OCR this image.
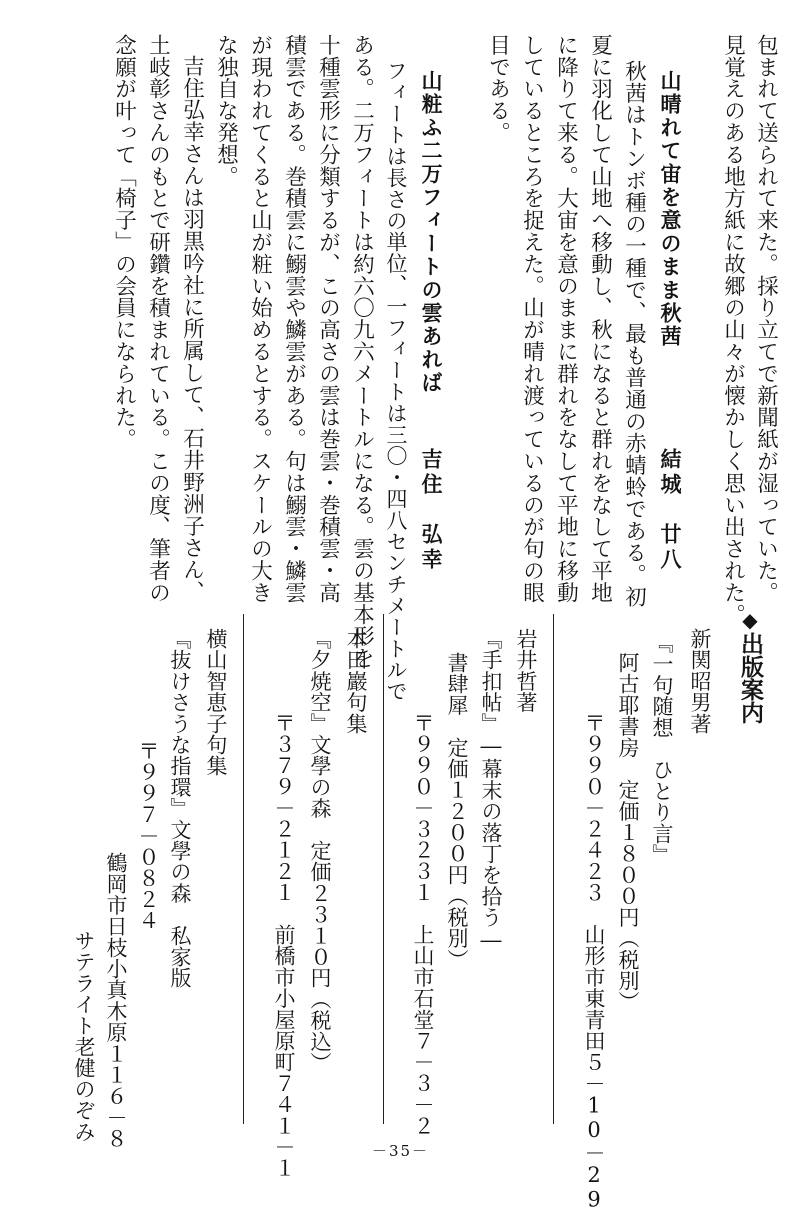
包まれて送られて来た。採り立てで新聞紙が湿っていた。
見覚えのある地方紙に故郷の山々が懐かしく思い出された。
山晴れて宙を意のまま秋茜
結城　廿八
秋茜はトンボ種の一種で、最も普通の赤蜻蛉である。初
夏に羽化して山地へ移動し、秋になると群れをなして平地
に降りて来る。大宙を意のままに群れをなして平地に移動
しているところを捉えた。山が晴れ渡っているのが句の眼
目である。
山粧ふ二万フィートの雲あれば
吉住　弘幸
フィートは長さの単位、一フィートは三〇・四八センチメートルで
ある。二万フィートは約六〇九六メートルになる。雲の基本形を
十種雲形に分類するが、この高さの雲は巻雲・巻積雲・高
積雲である。巻積雲に鰯雲や鱗雲がある。句は鰯雲・鱗雲
が現われてくると山が粧い始めるとする。スケールの大き
な独自な発想。
吉住弘幸さんは羽黒吟社に所属して、石井野洲子さん、
土岐彰さんのもとで研鑽を積まれている。この度、筆者の
念願が叶って「椅子」の会員になられた。
◆出版案内
新関昭男著
『一句随想　ひとり言』
阿古耶書房　定価１８００円（税別）
〒９９０－２４２３　山形市東青田５－10－29
岩井哲著
『手扣帖』―幕末の落丁を拾う―
書肆犀　定価１２００円（税別）
〒９９０－３２３１　上山市石堂７－３－２
本田巖句集
『夕焼空』文學の森　定価２３１０円（税込）
〒３７９－２１２１　前橋市小屋原町７４１－１
横山智恵子句集
『抜けさうな指環』文學の森　私家版
〒９９７－０８２４
鶴岡市日枝小真木原１１６－８
サテライト老健のぞみ
－35－
